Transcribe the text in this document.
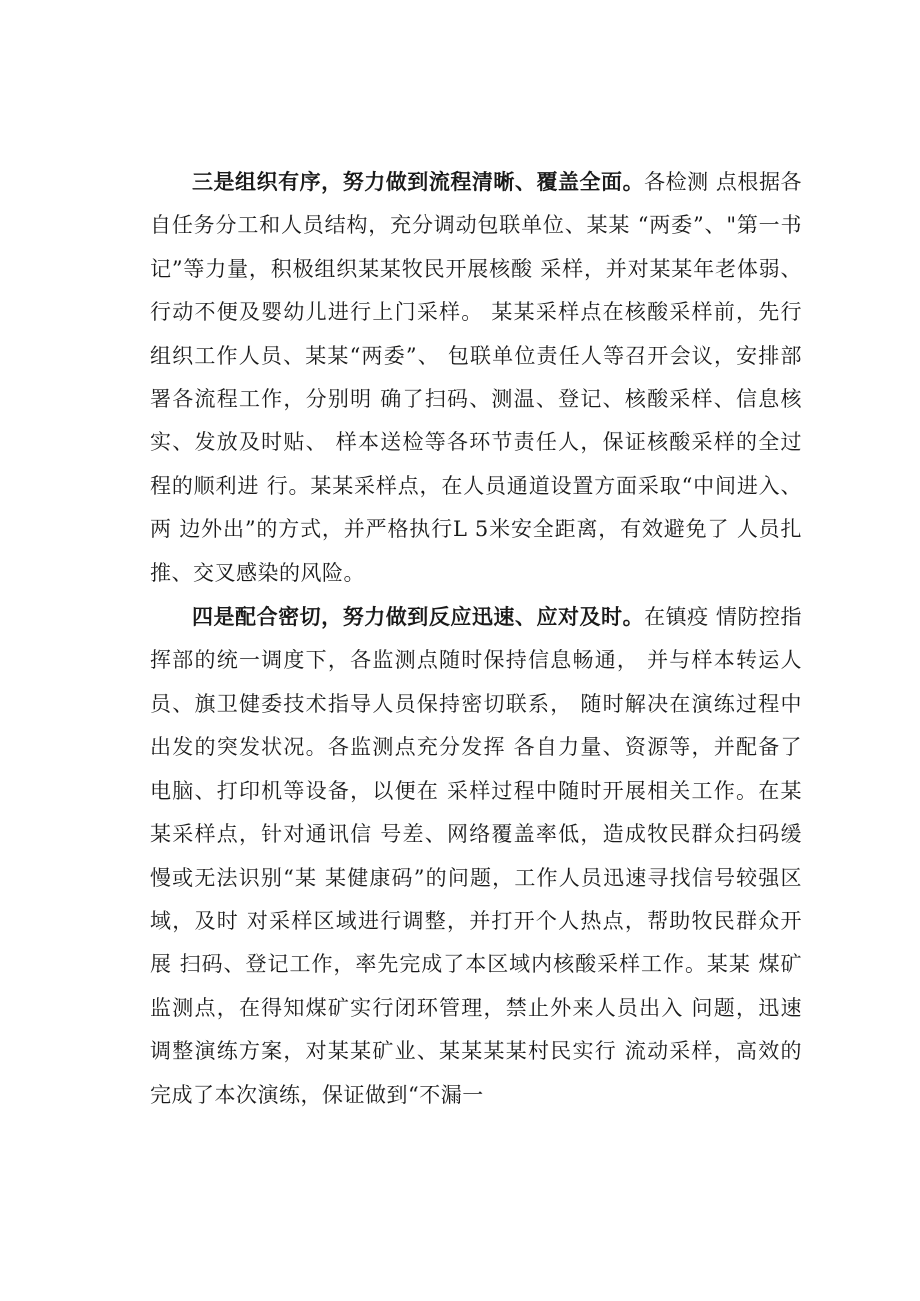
三是组织有序，努力做到流程清晰、覆盖全面。各检测 点根据各自任务分工和人员结构，充分调动包联单位、某某 “两委”、"第一书记”等力量，积极组织某某牧民开展核酸 采样，并对某某年老体弱、行动不便及婴幼儿进行上门采样。 某某采样点在核酸采样前，先行组织工作人员、某某“两委”、 包联单位责任人等召开会议，安排部署各流程工作，分别明 确了扫码、测温、登记、核酸采样、信息核实、发放及时贴、 样本送检等各环节责任人，保证核酸采样的全过程的顺利进 行。某某采样点，在人员通道设置方面采取“中间进入、两 边外出”的方式，并严格执行L 5米安全距离，有效避免了 人员扎推、交叉感染的风险。

四是配合密切，努力做到反应迅速、应对及时。在镇疫 情防控指挥部的统一调度下，各监测点随时保持信息畅通， 并与样本转运人员、旗卫健委技术指导人员保持密切联系， 随时解决在演练过程中出发的突发状况。各监测点充分发挥 各自力量、资源等，并配备了电脑、打印机等设备，以便在 采样过程中随时开展相关工作。在某某采样点，针对通讯信 号差、网络覆盖率低，造成牧民群众扫码缓慢或无法识别“某 某健康码”的问题，工作人员迅速寻找信号较强区域，及时 对采样区域进行调整，并打开个人热点，帮助牧民群众开展 扫码、登记工作，率先完成了本区域内核酸采样工作。某某 煤矿监测点，在得知煤矿实行闭环管理，禁止外来人员出入 问题，迅速调整演练方案，对某某矿业、某某某某村民实行 流动采样，高效的完成了本次演练，保证做到“不漏一
